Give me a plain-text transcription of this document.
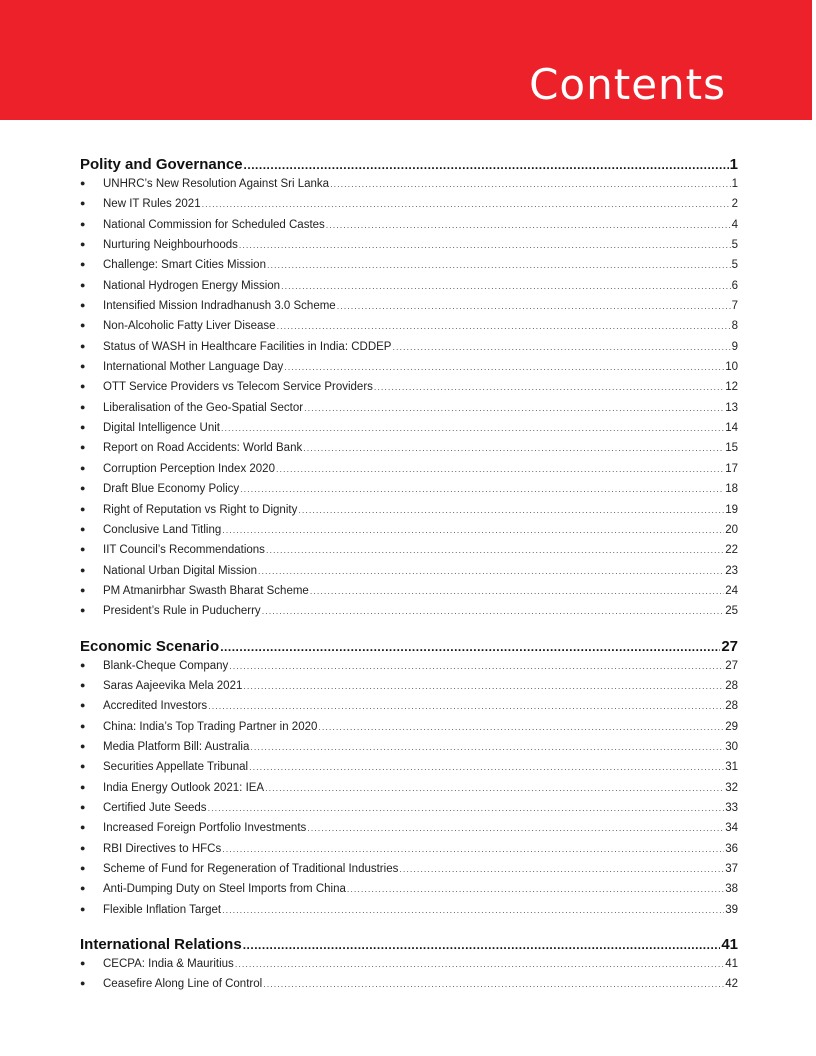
Contents
Polity and Governance .....	1
●	UNHRC’s New Resolution Against Sri Lanka .....	1
●	New IT Rules 2021 .....	2
●	National Commission for Scheduled Castes .....	4
●	Nurturing Neighbourhoods .....	5
●	Challenge: Smart Cities Mission .....	5
●	National Hydrogen Energy Mission .....	6
●	Intensified Mission Indradhanush 3.0 Scheme .....	7
●	Non-Alcoholic Fatty Liver Disease .....	8
●	Status of WASH in Healthcare Facilities in India: CDDEP .....	9
●	International Mother Language Day .....	10
●	OTT Service Providers vs Telecom Service Providers .....	12
●	Liberalisation of the Geo-Spatial Sector .....	13
●	Digital Intelligence Unit .....	14
●	Report on Road Accidents: World Bank .....	15
●	Corruption Perception Index 2020 .....	17
●	Draft Blue Economy Policy .....	18
●	Right of Reputation vs Right to Dignity .....	19
●	Conclusive Land Titling .....	20
●	IIT Council’s Recommendations .....	22
●	National Urban Digital Mission .....	23
●	PM Atmanirbhar Swasth Bharat Scheme .....	24
●	President’s Rule in Puducherry .....	25
Economic Scenario .....	27
●	Blank-Cheque Company .....	27
●	Saras Aajeevika Mela 2021 .....	28
●	Accredited Investors .....	28
●	China: India’s Top Trading Partner in 2020 .....	29
●	Media Platform Bill: Australia .....	30
●	Securities Appellate Tribunal .....	31
●	India Energy Outlook 2021: IEA .....	32
●	Certified Jute Seeds .....	33
●	Increased Foreign Portfolio Investments .....	34
●	RBI Directives to HFCs .....	36
●	Scheme of Fund for Regeneration of Traditional Industries .....	37
●	Anti-Dumping Duty on Steel Imports from China .....	38
●	Flexible Inflation Target .....	39
International Relations .....	41
●	CECPA: India & Mauritius .....	41
●	Ceasefire Along Line of Control .....	42
